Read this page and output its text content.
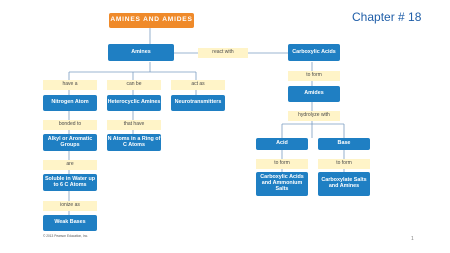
Chapter # 18
AMINES AND AMIDES
Amines	react with	Carboxylic Acids
have a	can be	act as
Nitrogen Atom	Heterocyclic Amines	Neurotransmitters
bonded to	that have
Alkyl or Aromatic Groups
N Atoms in a Ring of C Atoms
are
Soluble in Water up to 6 C Atoms
ionize as
Weak Bases
to form
Amides
hydrolyze with
Acid	Base
to form	to form
Carboxylic Acids and Ammonium Salts
Carboxylate Salts and Amines
© 2013 Pearson Education, Inc.	1
